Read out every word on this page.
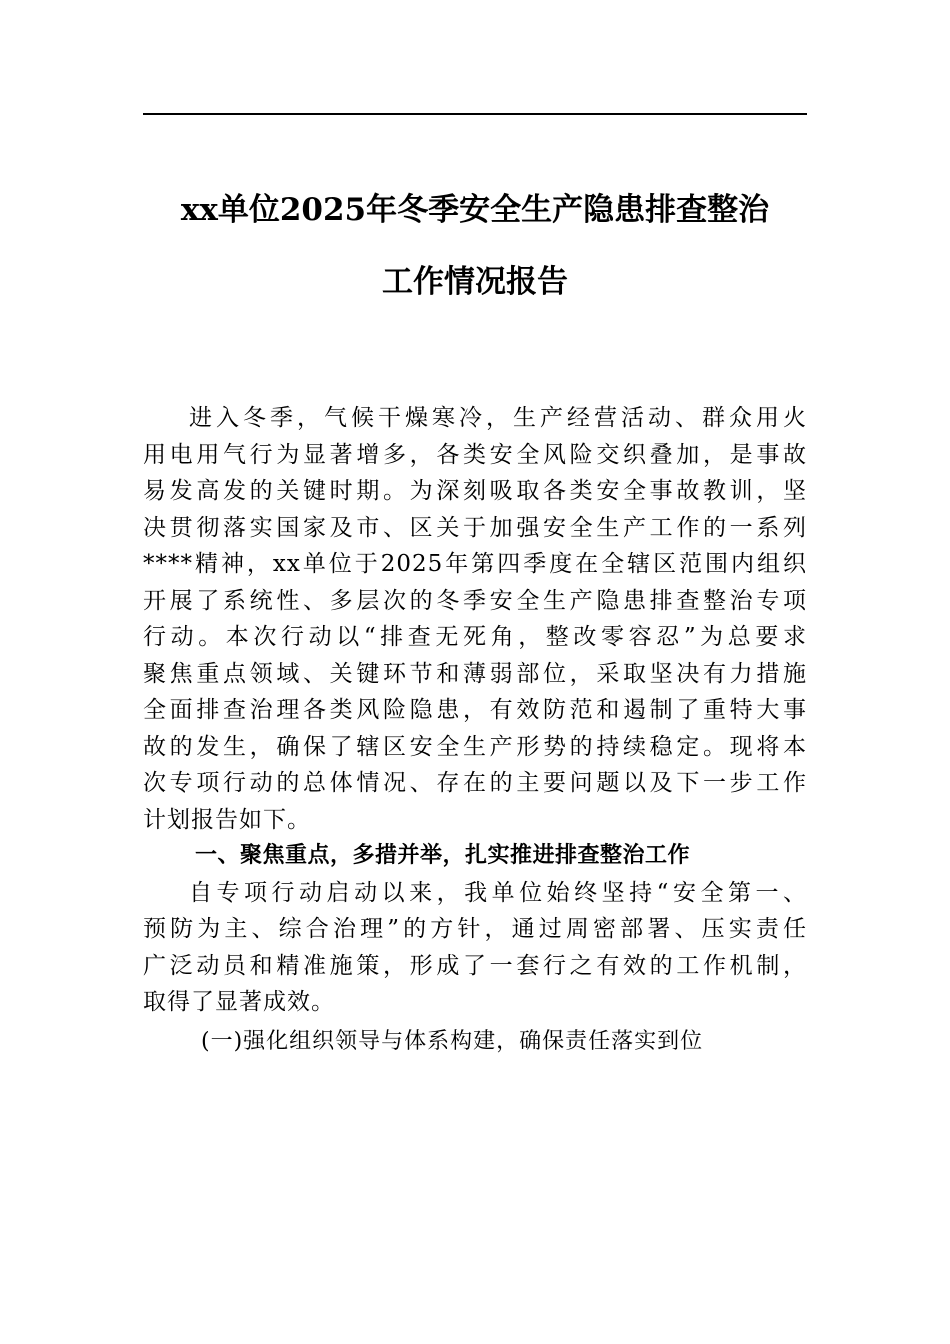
xx单位2025年冬季安全生产隐患排查整治
工作情况报告
进入冬季，气候干燥寒冷，生产经营活动、群众用火
用电用气行为显著增多，各类安全风险交织叠加，是事故
易发高发的关键时期。为深刻吸取各类安全事故教训，坚
决贯彻落实国家及市、区关于加强安全生产工作的一系列
****精神，xx单位于2025年第四季度在全辖区范围内组织
开展了系统性、多层次的冬季安全生产隐患排查整治专项
行动。本次行动以“排查无死角，整改零容忍”为总要求
聚焦重点领域、关键环节和薄弱部位，采取坚决有力措施
全面排查治理各类风险隐患，有效防范和遏制了重特大事
故的发生，确保了辖区安全生产形势的持续稳定。现将本
次专项行动的总体情况、存在的主要问题以及下一步工作
计划报告如下。
一、聚焦重点，多措并举，扎实推进排查整治工作
自专项行动启动以来，我单位始终坚持“安全第一、
预防为主、综合治理”的方针，通过周密部署、压实责任
广泛动员和精准施策，形成了一套行之有效的工作机制，
取得了显著成效。
(一)强化组织领导与体系构建，确保责任落实到位
